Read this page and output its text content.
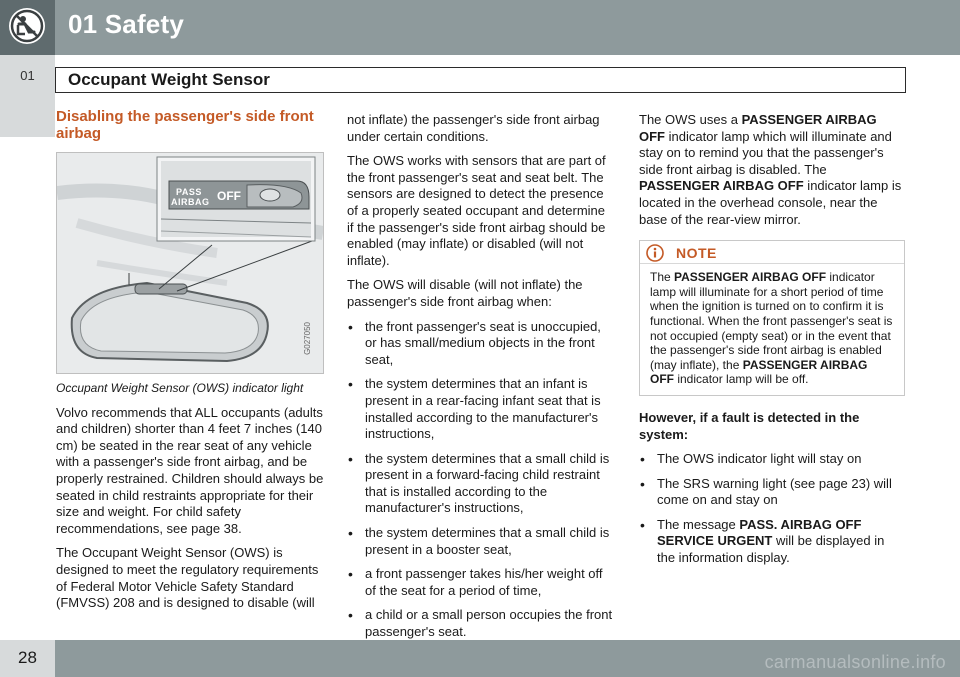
01 Safety
01	Occupant Weight Sensor
Disabling the passenger's side front airbag
PASS
AIRBAG OFF
G027050

Occupant Weight Sensor (OWS) indicator light

Volvo recommends that ALL occupants (adults and children) shorter than 4 feet 7 inches (140 cm) be seated in the rear seat of any vehicle with a passenger's side front airbag, and be properly restrained. Children should always be seated in child restraints appropriate for their size and weight. For child safety recommendations, see page 38.

The Occupant Weight Sensor (OWS) is designed to meet the regulatory requirements of Federal Motor Vehicle Safety Standard (FMVSS) 208 and is designed to disable (will

not inflate) the passenger's side front airbag under certain conditions.

The OWS works with sensors that are part of the front passenger's seat and seat belt. The sensors are designed to detect the presence of a properly seated occupant and determine if the passenger's side front airbag should be enabled (may inflate) or disabled (will not inflate).

The OWS will disable (will not inflate) the passenger's side front airbag when:

• the front passenger's seat is unoccupied, or has small/medium objects in the front seat,
• the system determines that an infant is present in a rear-facing infant seat that is installed according to the manufacturer's instructions,
• the system determines that a small child is present in a forward-facing child restraint that is installed according to the manufacturer's instructions,
• the system determines that a small child is present in a booster seat,
• a front passenger takes his/her weight off of the seat for a period of time,
• a child or a small person occupies the front passenger's seat.

The OWS uses a PASSENGER AIRBAG OFF indicator lamp which will illuminate and stay on to remind you that the passenger's side front airbag is disabled. The PASSENGER AIRBAG OFF indicator lamp is located in the overhead console, near the base of the rear-view mirror.

NOTE
The PASSENGER AIRBAG OFF indicator lamp will illuminate for a short period of time when the ignition is turned on to confirm it is functional. When the front passenger's seat is not occupied (empty seat) or in the event that the passenger's side front airbag is enabled (may inflate), the PASSENGER AIRBAG OFF indicator lamp will be off.

However, if a fault is detected in the system:

• The OWS indicator light will stay on
• The SRS warning light (see page 23) will come on and stay on
• The message PASS. AIRBAG OFF SERVICE URGENT will be displayed in the information display.
28	carmanualsonline.info
